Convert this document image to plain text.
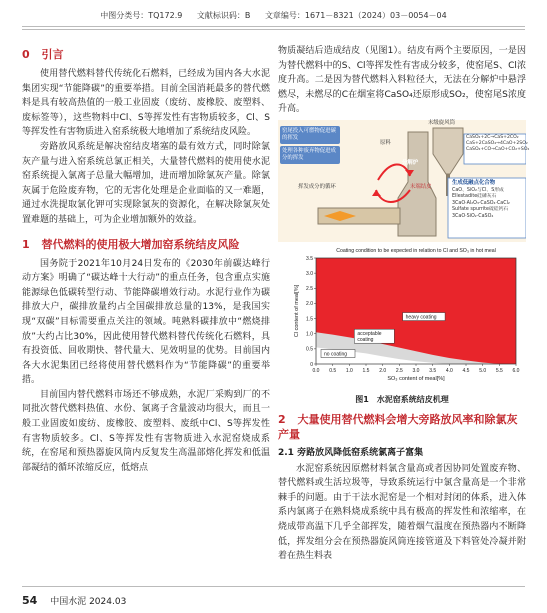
中图分类号：TQ172.9 文献标识码：B 文章编号：1671－8321（2024）03－0054－04
0 引言

使用替代燃料替代传统化石燃料，已经成为国内各大水泥集团实现“节能降碳”的重要举措。目前全国消耗最多的替代燃料是具有较高热值的一般工业固废（废纺、废橡胶、废塑料、废标签等），这些物料中Cl、S等挥发性有害物质较多，Cl、S等挥发性有害物质进入窑系统极大地增加了系统结皮风险。

旁路放风系统是解决窑结皮堵塞的最有效方式，同时除氯灰产量与进入窑系统总氯正相关，大量替代燃料的使用使水泥窑系统提入氯离子总量大幅增加，进而增加除氯灰产量。除氯灰属于危险废弃物，它的无害化处理是企业面临的又一难题，通过水洗提取氯化钾可实现除氯灰的资源化，在解决除氯灰处置难题的基础上，可为企业增加额外的效益。

1 替代燃料的使用极大增加窑系统结皮风险

国务院于2021年10月24日发布的《2030年前碳达峰行动方案》明确了“碳达峰十大行动”的重点任务，包含重点实施能源绿色低碳转型行动、节能降碳增效行动。水泥行业作为碳排放大户，碳排放量约占全国碳排放总量的13%，是我国实现“双碳”目标需要重点关注的领域。吨熟料碳排放中“燃烧排放”大约占比30%，因此使用替代燃料替代传统化石燃料，具有投资低、回收期快、替代量大、见效明显的优势。目前国内各大水泥集团已经将使用替代燃料作为“节能降碳”的重要举措。

目前国内替代燃料市场还不够成熟，水泥厂采购到厂的不同批次替代燃料热值、水份、氯离子含量波动均很大，而且一般工业固废如废纺、废橡胶、废塑料、废纸中Cl、S等挥发性有害物质较多。Cl、S等挥发性有害物质进入水泥窑烧成系统，在窑尾和预热器旋风筒内反复发生高温部熔化挥发和低温部凝结的循环浓缩反应，低熔点

物质凝结后造成结皮（见图1）。结皮有两个主要原因，一是因为替代燃料中的S、Cl等挥发性有害成分较多，使窑尾S、Cl浓度升高。二是因为替代燃料入料粒径大，无法在分解炉中悬浮燃尽，未燃尽的C在烟室将CaSO₄还原形成SO₂，使窑尾S浓度升高。

窑尾投入可燃物促进碳的挥发
处理各种废弃物促进成分的挥发
末级旋风筒
原料
分解炉
挥发成分的循环
CaSO₄+2C→CaS+2CO₂
CaS+2CaSO₄→4CaO+2SO₂
CaSO₄+CO→CaO+CO₂+SO₂
末端结皮
生成低融点化合物
CaO、SiO₂与Cl、S形成Ellestadite硅磷灰石
3CaO·Al₂O₃·CaSO₄·CaCl₂
Sulfate spurrite硫硅钙石
3CaO·SiO₂·CaSO₄
Coating condition to be expected in relation to Cl and SO₃ in hot meal
0.0 0.5 1.0 1.5 2.0 2.5 3.0 3.5 4.0 4.5 5.0 5.5 6.0
0
0.5
1.0
1.5
2.0
2.5
3.0
3.5
SO₃ content of meal[%]
Cl content of meal[%]
no coating
acceptable
coating
heavy coating
图1　水泥窑系统结皮机理
2 大量使用替代燃料会增大旁路放风率和除氯灰产量
2.1 旁路放风降低窑系统氯离子富集

水泥窑系统因原燃材料氯含量高或者因协同处置废弃物、替代燃料或生活垃圾等，导致系统运行中氯含量高是一个非常棘手的问题。由于干法水泥窑是一个相对封闭的体系，进入体系内氯离子在熟料烧成系统中具有极高的挥发性和浓缩率，在烧成带高温下几乎全部挥发，随着烟气温度在预热器内不断降低，挥发组分会在预热器旋风筒连接管道及下料管处冷凝并附着在热生料表

54 中国水泥 2024.03
